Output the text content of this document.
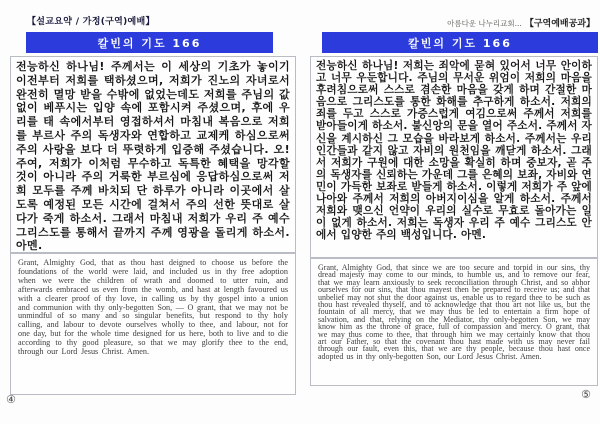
【설교요약 / 가정(구역)예배】	아름다운 나누리교회... 【구역예배공과】
칼빈의 기도 166
전능하신 하나님! 주께서는 이 세상의 기초가 놓이기 이전부터 저희를 택하셨으며, 저희가 진노의 자녀로서 완전히 멸망 받을 수밖에 없었는데도 저희를 주님의 값없이 베푸시는 입양 속에 포함시켜 주셨으며, 후에 우리를 태 속에서부터 영접하셔서 마침내 복음으로 저희를 부르사 주의 독생자와 연합하고 교제케 하심으로써 주의 사랑을 보다 더 뚜렷하게 입증해 주셨습니다. 오! 주여, 저희가 이처럼 무수하고 독특한 혜택을 망각할 것이 아니라 주의 거룩한 부르심에 응답하심으로써 저희 모두를 주께 바치되 단 하루가 아니라 이곳에서 살도록 예정된 모든 시간에 걸쳐서 주의 선한 뜻대로 살다가 죽게 하소서. 그래서 마침내 저희가 우리 주 예수 그리스도를 통해서 끝까지 주께 영광을 돌리게 하소서. 아멘.
Grant, Almighty God, that as thou hast deigned to choose us before the foundations of the world were laid, and included us in thy free adoption when we were the children of wrath and doomed to utter ruin, and afterwards embraced us even from the womb, and hast at length favoured us with a clearer proof of thy love, in calling us by thy gospel into a union and communion with thy only-begotten Son, — O grant, that we may not be unmindful of so many and so singular benefits, but respond to thy holy calling, and labour to devote ourselves wholly to thee, and labour, not for one day, but for the whole time designed for us here, both to live and to die according to thy good pleasure, so that we may glorify thee to the end, through our Lord Jesus Christ. Amen.
④
칼빈의 기도 166
전능하신 하나님! 저희는 죄악에 묻혀 있어서 너무 안이하고 너무 우둔합니다. 주님의 무서운 위엄이 저희의 마음을 후려침으로써 스스로 겸손한 마음을 갖게 하며 간절한 마음으로 그리스도를 통한 화해를 추구하게 하소서. 저희의 죄를 두고 스스로 가증스럽게 여김으로써 주께서 저희를 받아들이게 하소서. 불신앙의 문을 열어 주소서. 주께서 자신을 계시하신 그 모습을 바라보게 하소서. 주께서는 우리 인간들과 같지 않고 자비의 원천임을 깨닫게 하소서. 그래서 저희가 구원에 대한 소망을 확실히 하며 중보자, 곧 주의 독생자를 신뢰하는 가운데 그를 은혜의 보좌, 자비와 연민이 가득한 보좌로 받들게 하소서. 이렇게 저희가 주 앞에 나아와 주께서 저희의 아버지이심을 알게 하소서. 주께서 저희와 맺으신 언약이 우리의 실수로 무효로 돌아가는 일이 없게 하소서. 저희는 독생자 우리 주 예수 그리스도 안에서 입양한 주의 백성입니다. 아멘.
Grant, Almighty God, that since we are too secure and torpid in our sins, thy dread majesty may come to our minds, to humble us, and to remove our fear, that we may learn anxiously to seek reconciliation through Christ, and so abhor ourselves for our sins, that thou mayest then be prepared to receive us; and that unbelief may not shut the door against us, enable us to regard thee to be such as thou hast revealed thyself, and to acknowledge that thou art not like us, but the fountain of all mercy, that we may thus be led to entertain a firm hope of salvation, and that, relying on the Mediator, thy only-begotten Son, we may know him as the throne of grace, full of compassion and mercy. O grant, that we may thus come to thee, that through him we may certainly know that thou art our Father, so that the covenant thou hast made with us may never fail through our fault, even this, that we are thy people, because thou hast once adopted us in thy only-begotten Son, our Lord Jesus Christ. Amen.
⑤
